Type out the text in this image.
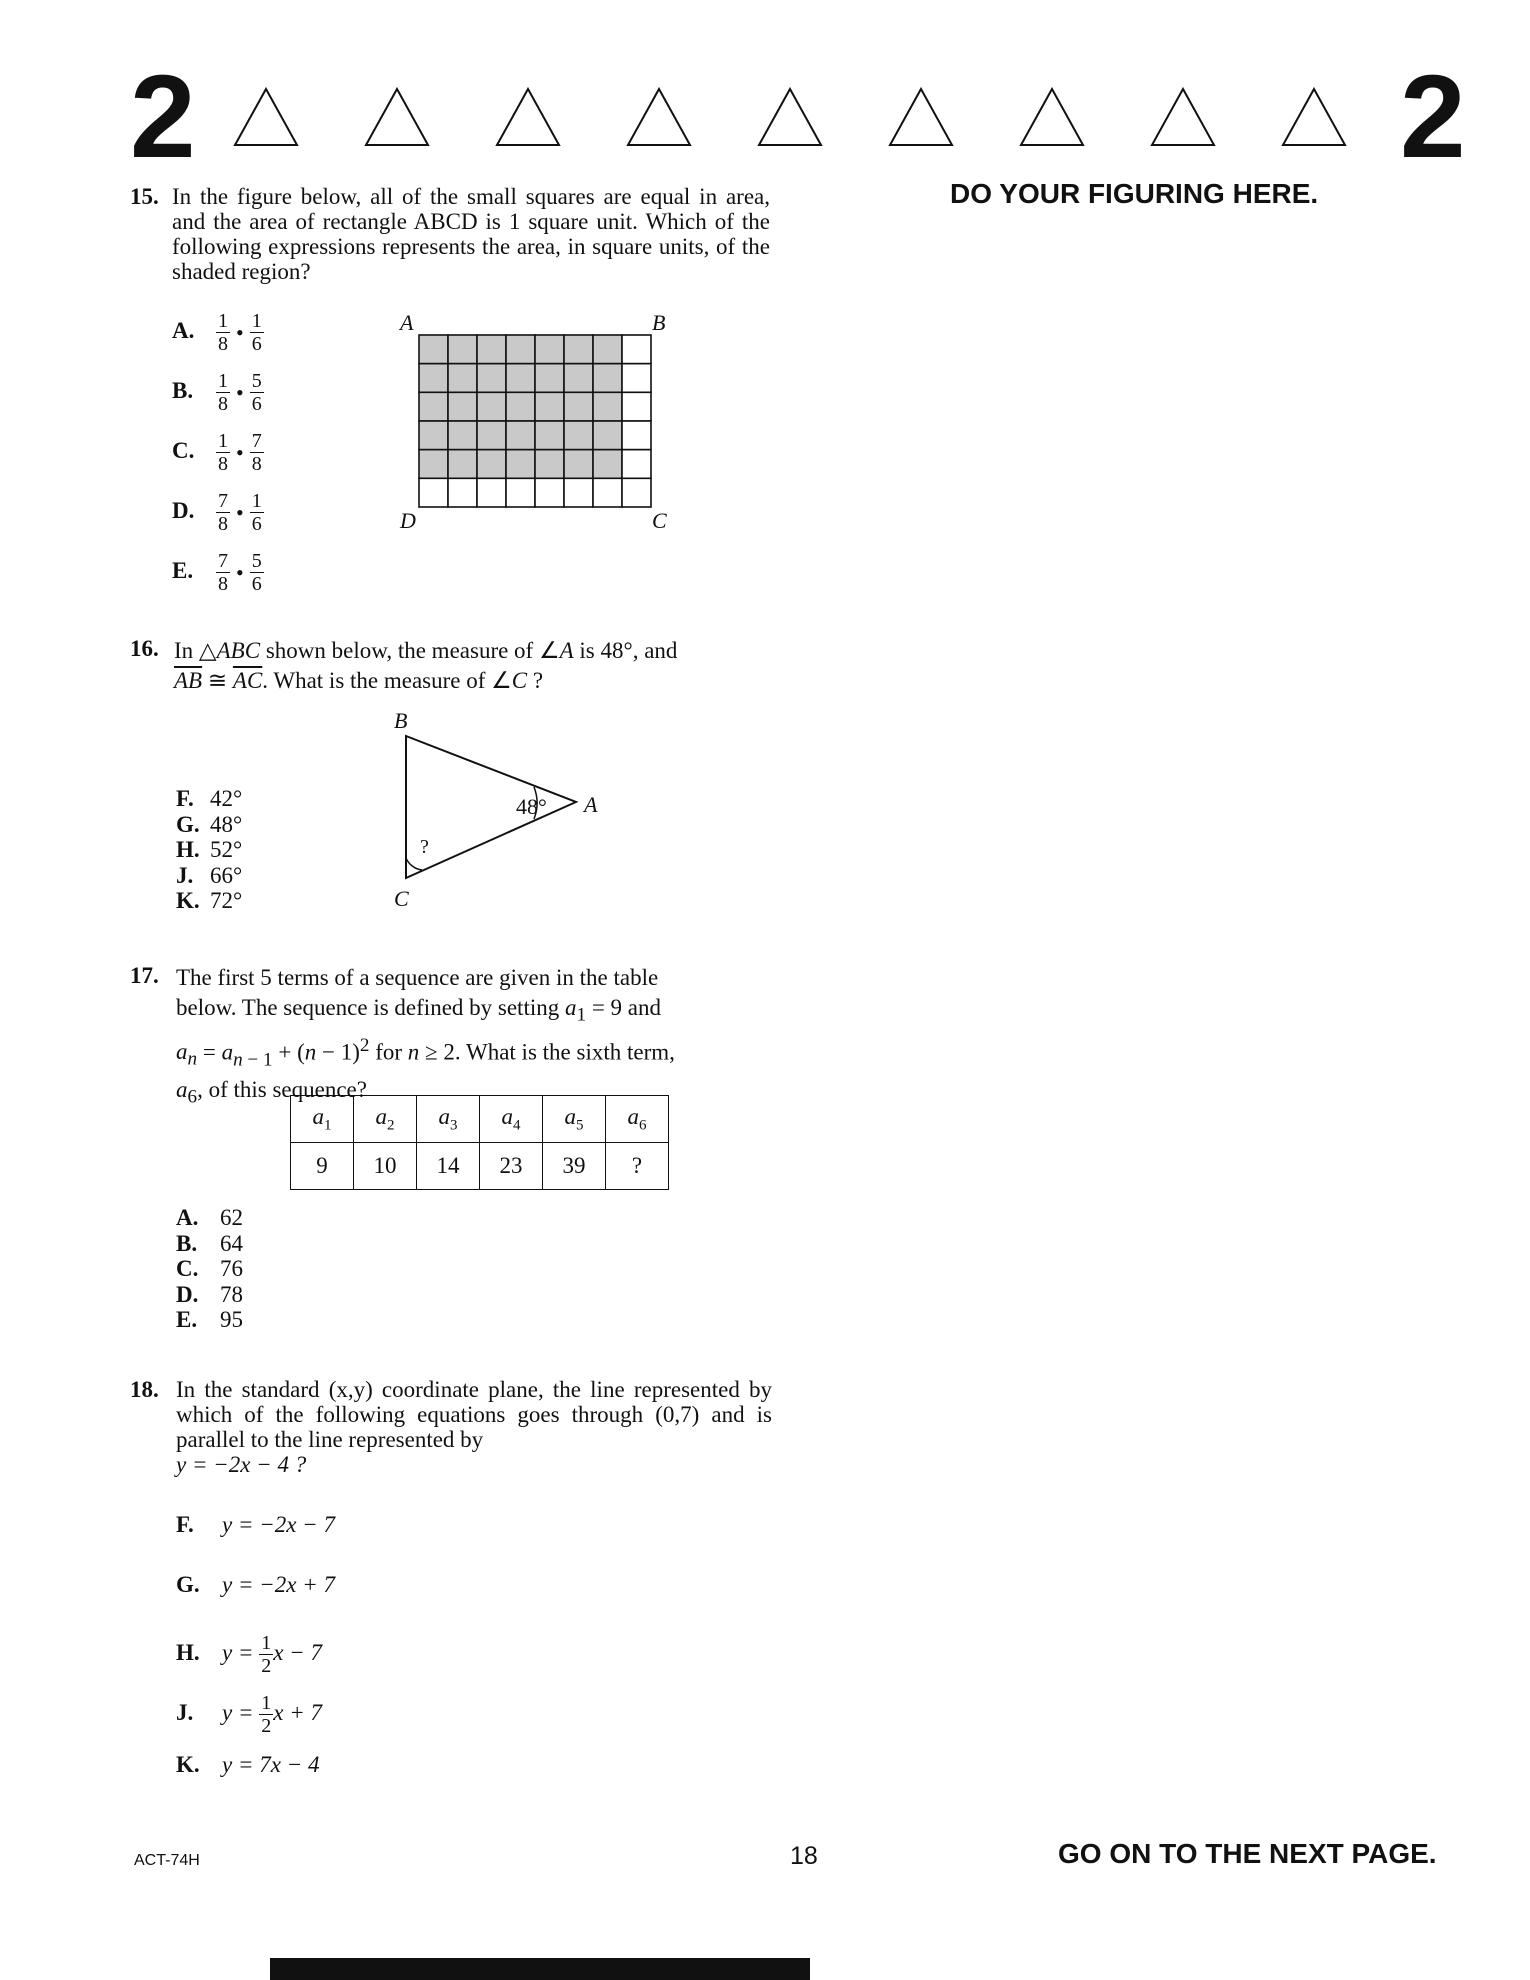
2	2
DO YOUR FIGURING HERE.
15. In the figure below, all of the small squares are equal in area, and the area of rectangle ABCD is 1 square unit. Which of the following expressions represents the area, in square units, of the shaded region?
A. $\frac{1}{8}$ • $\frac{1}{6}$
B. $\frac{1}{8}$ • $\frac{5}{6}$
C. $\frac{1}{8}$ • $\frac{7}{8}$
D. $\frac{7}{8}$ • $\frac{1}{6}$
E. $\frac{7}{8}$ • $\frac{5}{6}$
A	B
D	C
16. In △ABC shown below, the measure of ∠A is 48°, and
$\overline{AB}$ ≅ $\overline{AC}$. What is the measure of ∠C ?
F. 42°
G. 48°
H. 52°
J. 66°
K. 72°
B
A
C
48°
?
17. The first 5 terms of a sequence are given in the table
below. The sequence is defined by setting $a_1 = 9$ and
$a_n = a_{n - 1} + (n - 1)^2$ for n ≥ 2. What is the sixth term,
$a_6$, of this sequence?
$a_1$	$a_2$	$a_3$	$a_4$	$a_5$	$a_6$
9	10	14	23	39	?
A. 62
B. 64
C. 76
D. 78
E. 95
18. In the standard (x,y) coordinate plane, the line represented by which of the following equations goes through (0,7) and is parallel to the line represented by
y = −2x − 4 ?
F. y = −2x − 7
G. y = −2x + 7
H. $y = \frac{1}{2}$ x − 7
J. $y = \frac{1}{2}$ x + 7
K. y = 7x − 4
ACT-74H	18	GO ON TO THE NEXT PAGE.
